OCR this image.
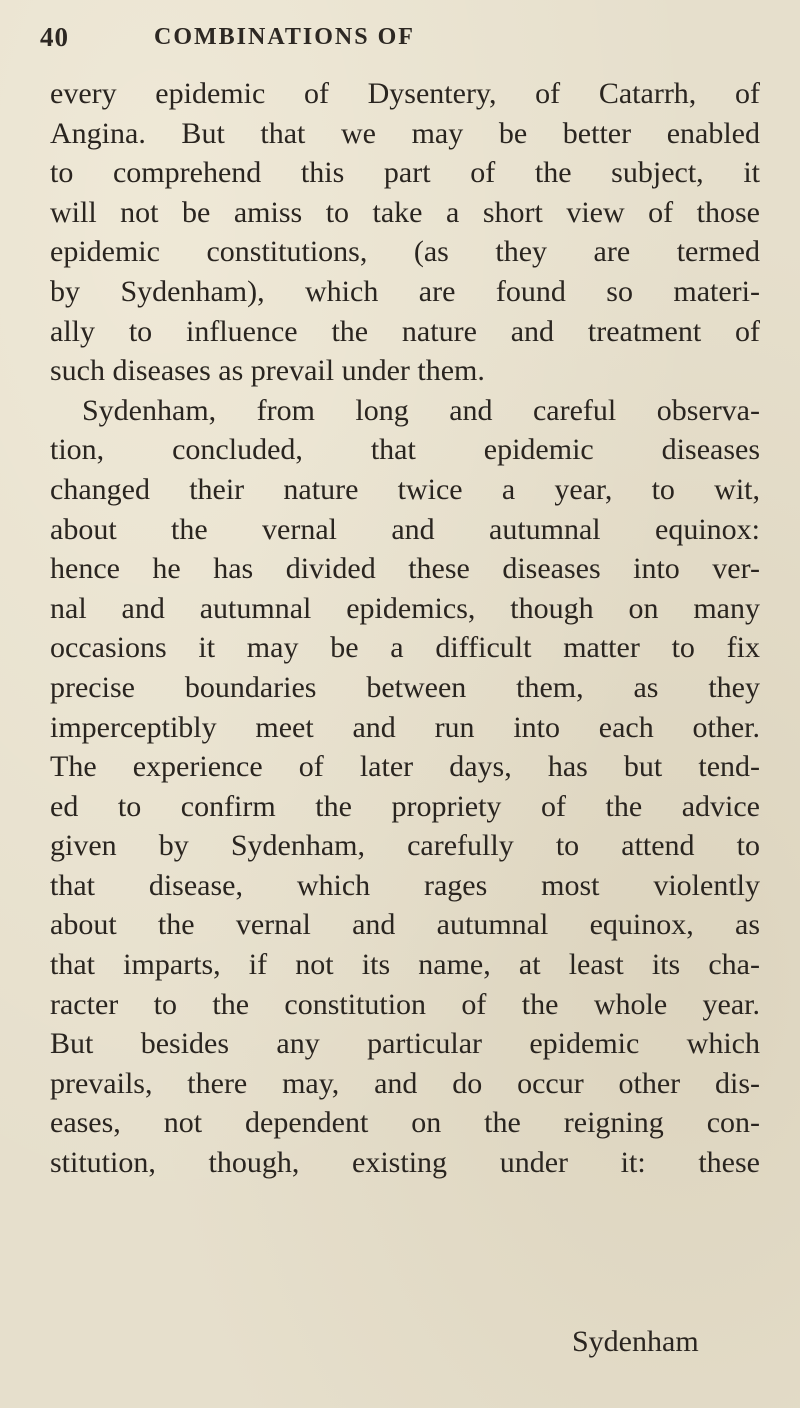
40	COMBINATIONS OF
every epidemic of Dysentery, of Catarrh, of
Angina. But that we may be better enabled
to comprehend this part of the subject, it
will not be amiss to take a short view of those
epidemic constitutions, (as they are termed
by Sydenham), which are found so materi-
ally to influence the nature and treatment of
such diseases as prevail under them.
Sydenham, from long and careful observa-
tion, concluded, that epidemic diseases
changed their nature twice a year, to wit,
about the vernal and autumnal equinox:
hence he has divided these diseases into ver-
nal and autumnal epidemics, though on many
occasions it may be a difficult matter to fix
precise boundaries between them, as they
imperceptibly meet and run into each other.
The experience of later days, has but tend-
ed to confirm the propriety of the advice
given by Sydenham, carefully to attend to
that disease, which rages most violently
about the vernal and autumnal equinox, as
that imparts, if not its name, at least its cha-
racter to the constitution of the whole year.
But besides any particular epidemic which
prevails, there may, and do occur other dis-
eases, not dependent on the reigning con-
stitution, though, existing under it: these
Sydenham
